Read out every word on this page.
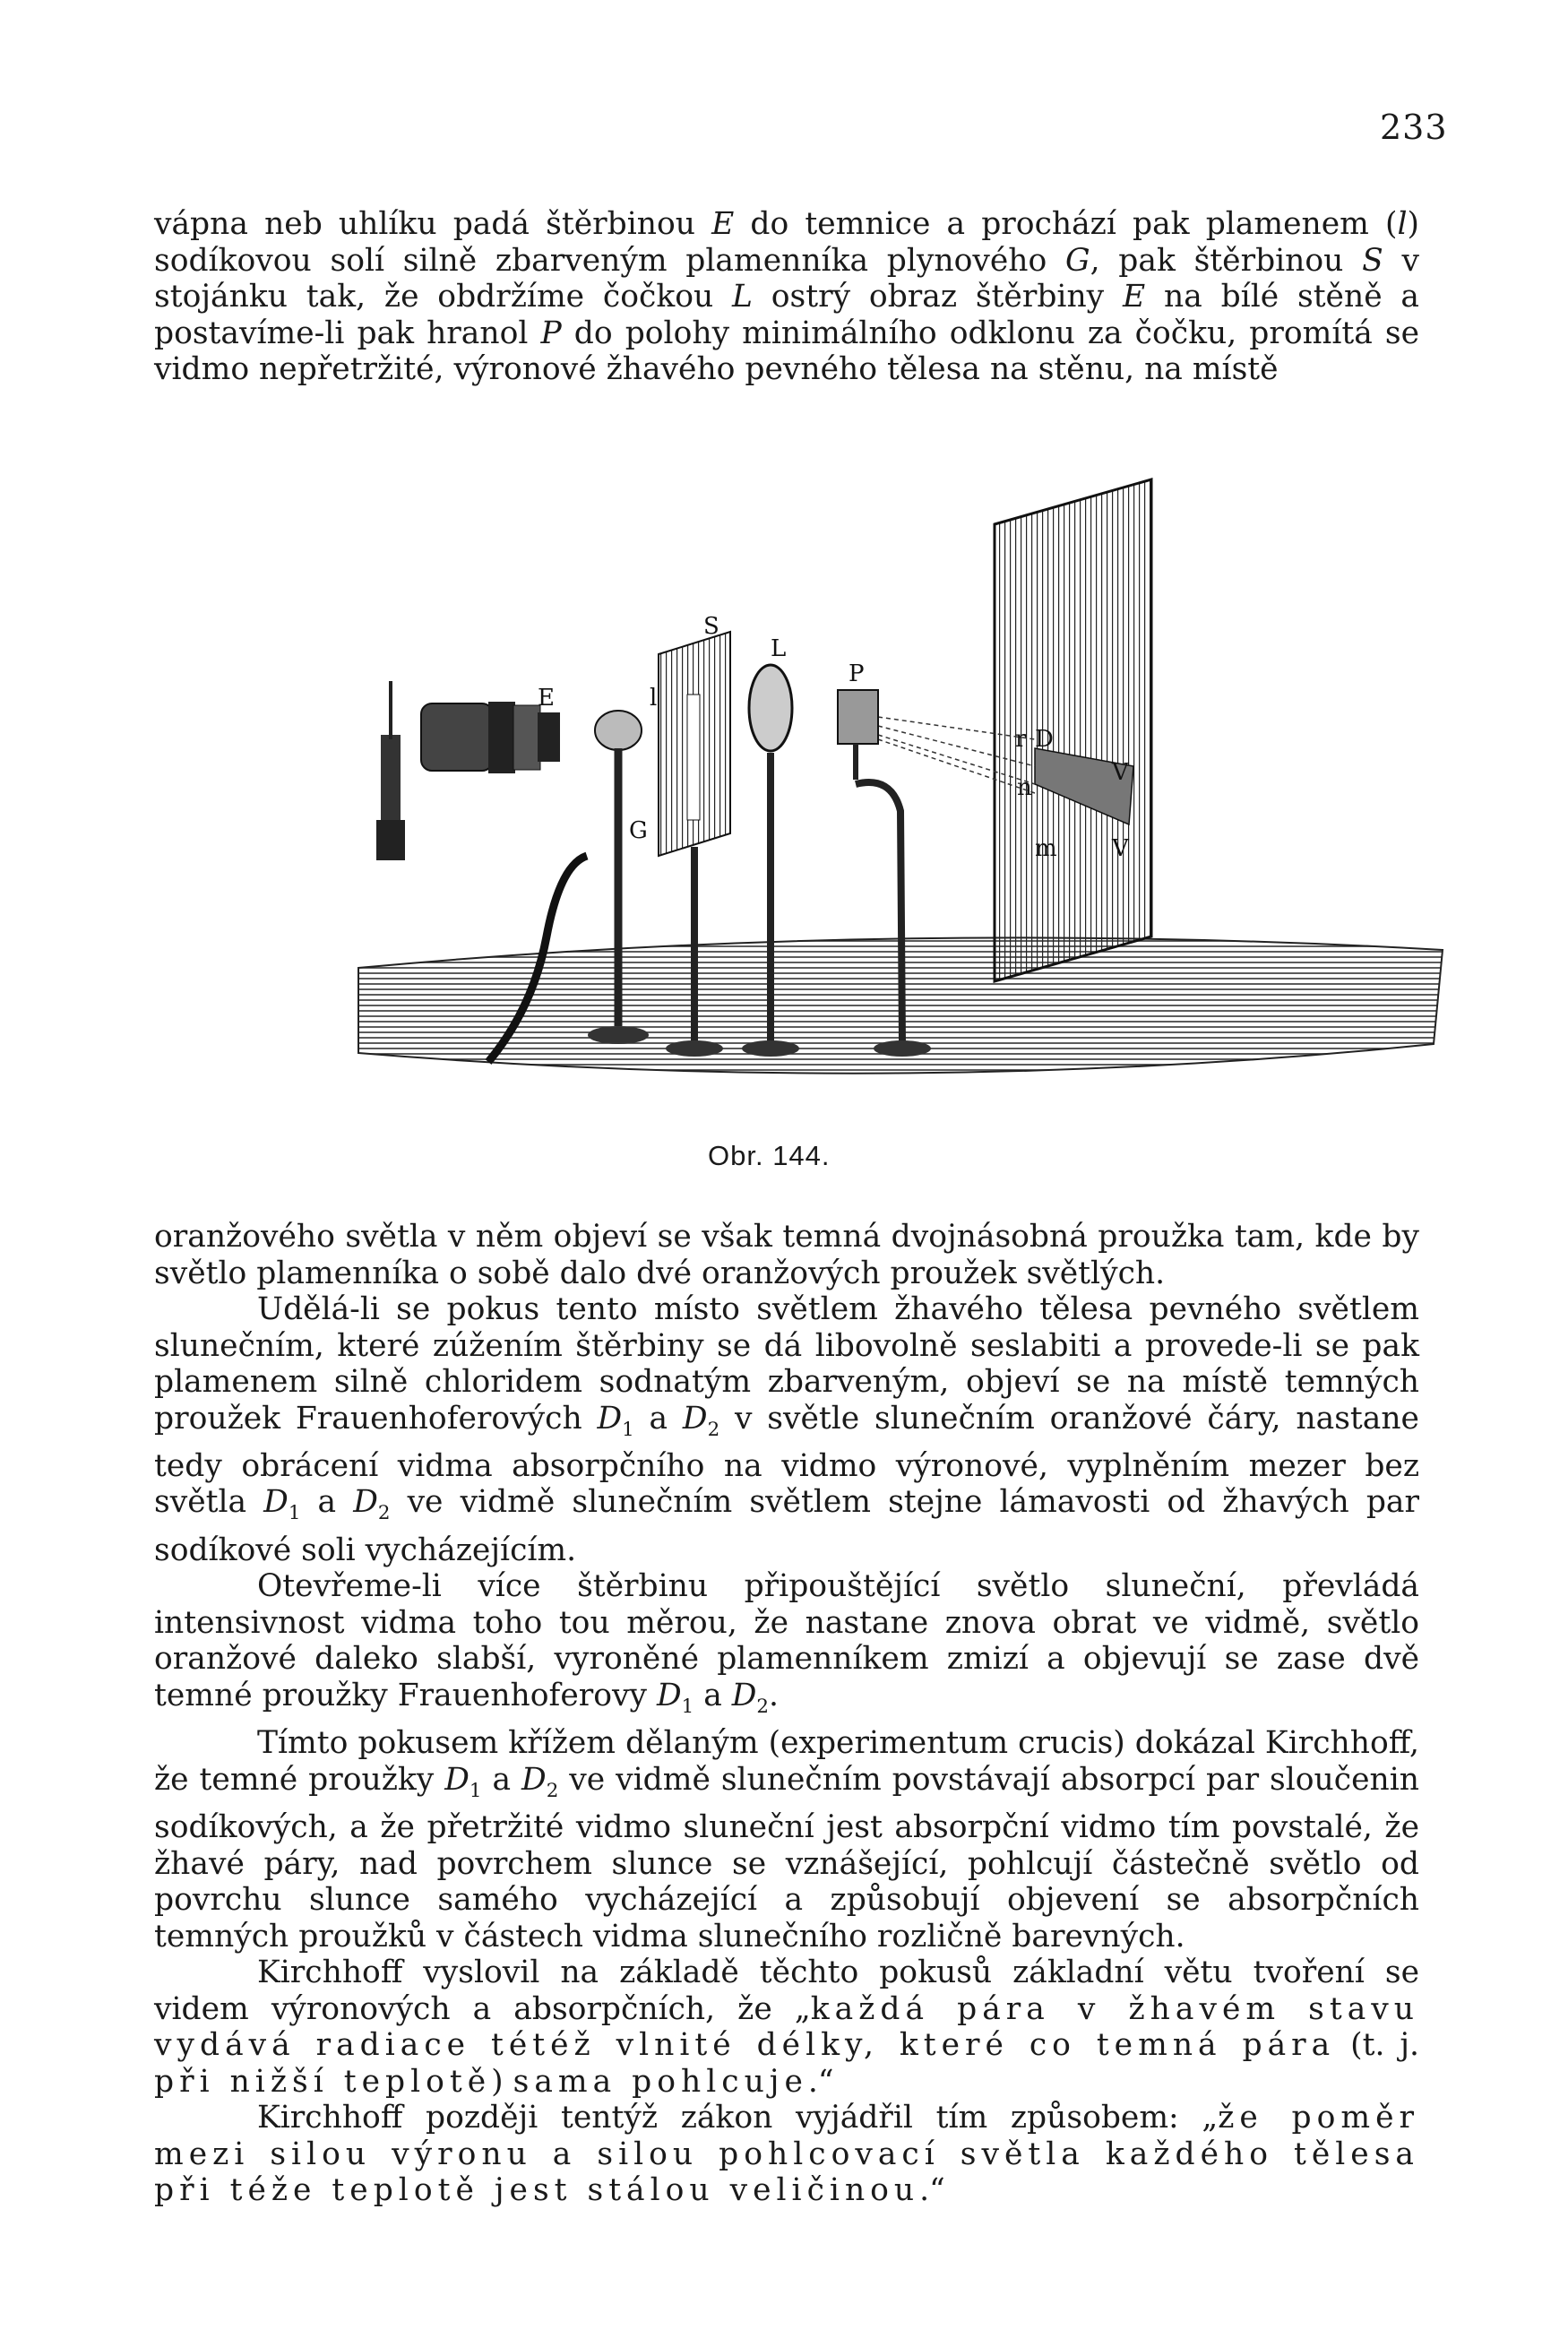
233

vápna neb uhlíku padá štěrbinou E do temnice a prochází pak plamenem (l) sodíkovou solí silně zbarveným plamenníka plynového G, pak štěrbinou S v stojánku tak, že obdržíme čočkou L ostrý obraz štěrbiny E na bílé stěně a postavíme-li pak hranol P do polohy minimálního odklonu za čočku, promítá se vidmo nepřetržité, výronové žhavého pevného tělesa na stěnu, na místě

E	l
S
L
P
G
r D
V
n
m V
Obr. 144.

oranžového světla v něm objeví se však temná dvojnásobná proužka tam, kde by světlo plamenníka o sobě dalo dvé oranžových proužek světlých.

Udělá-li se pokus tento místo světlem žhavého tělesa pevného světlem slunečním, které zúžením štěrbiny se dá libovolně seslabiti a provede-li se pak plamenem silně chloridem sodnatým zbarveným, objeví se na místě temných proužek Frauenhoferových $D_1$ a $D_2$ v světle slunečním oranžové čáry, nastane tedy obrácení vidma absorpčního na vidmo výronové, vyplněním mezer bez světla $D_1$ a $D_2$ ve vidmě slunečním světlem stejne lámavosti od žhavých par sodíkové soli vycházejícím.

Otevřeme-li více štěrbinu připouštějící světlo sluneční, převládá intensivnost vidma toho tou měrou, že nastane znova obrat ve vidmě, světlo oranžové daleko slabší, vyroněné plamenníkem zmizí a objevují se zase dvě temné proužky Frauenhoferovy $D_1$ a $D_2$.

Tímto pokusem křížem dělaným (experimentum crucis) dokázal Kirchhoff, že temné proužky $D_1$ a $D_2$ ve vidmě slunečním povstávají absorpcí par sloučenin sodíkových, a že přetržité vidmo sluneční jest absorpční vidmo tím povstalé, že žhavé páry, nad povrchem slunce se vznášející, pohlcují částečně světlo od povrchu slunce samého vycházející a způsobují objevení se absorpčních temných proužků v částech vidma slunečního rozličně barevných.

Kirchhoff vyslovil na základě těchto pokusů základní větu tvoření se videm výronových a absorpčních, že „každá pára v žhavém stavu vydává radiace tétéž vlnité délky, které co temná pára (t. j. při nižší teplotě) sama pohlcuje.“

Kirchhoff později tentýž zákon vyjádřil tím způsobem: „že poměr mezi silou výronu a silou pohlcovací světla každého tělesa při téže teplotě jest stálou veličinou.“
